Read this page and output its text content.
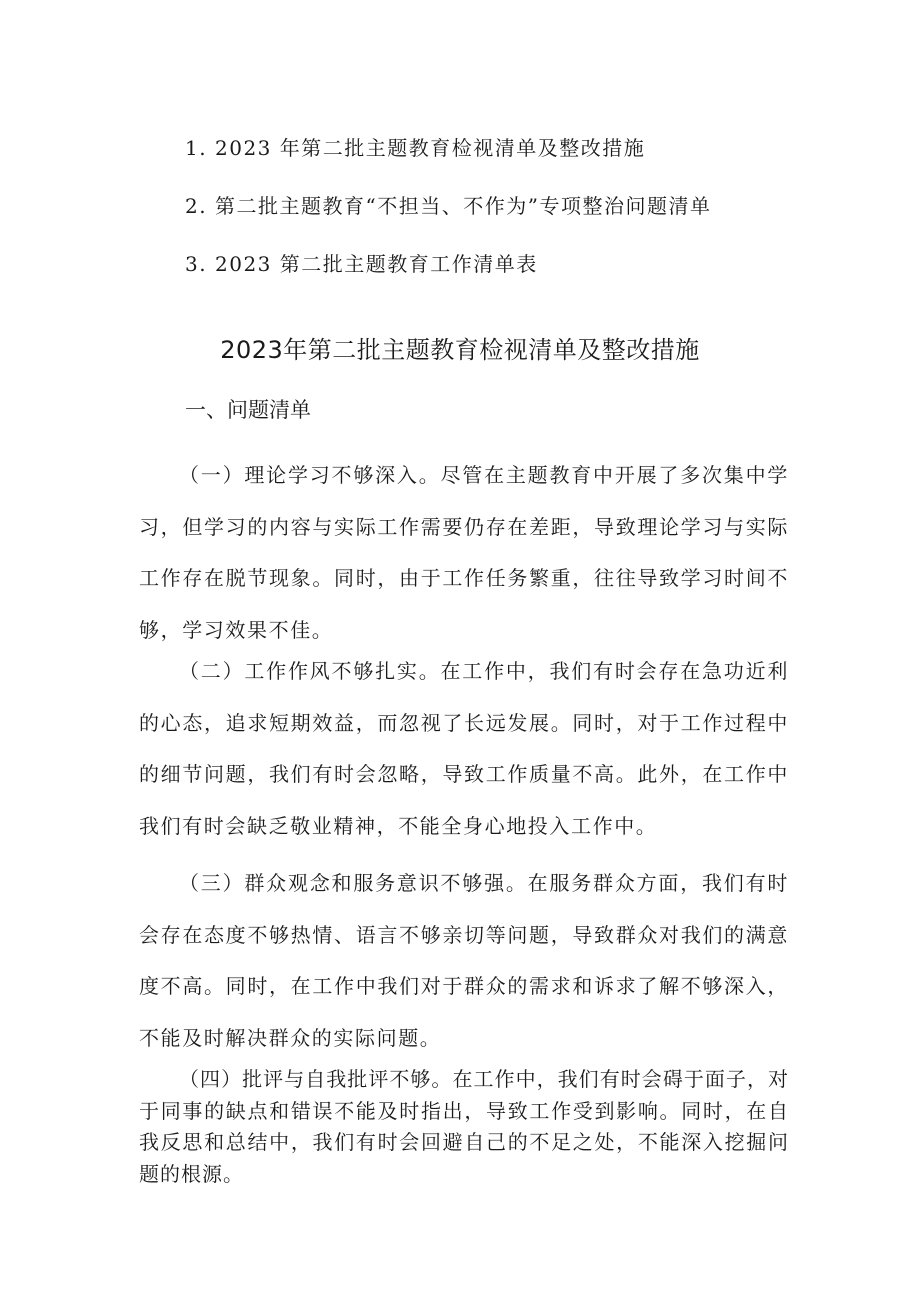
1. 2023 年第二批主题教育检视清单及整改措施
2. 第二批主题教育“不担当、不作为”专项整治问题清单
3. 2023 第二批主题教育工作清单表
2023年第二批主题教育检视清单及整改措施
一、问题清单

（一）理论学习不够深入。尽管在主题教育中开展了多次集中学习，但学习的内容与实际工作需要仍存在差距，导致理论学习与实际工作存在脱节现象。同时，由于工作任务繁重，往往导致学习时间不够，学习效果不佳。

（二）工作作风不够扎实。在工作中，我们有时会存在急功近利的心态，追求短期效益，而忽视了长远发展。同时，对于工作过程中的细节问题，我们有时会忽略，导致工作质量不高。此外，在工作中我们有时会缺乏敬业精神，不能全身心地投入工作中。

（三）群众观念和服务意识不够强。在服务群众方面，我们有时会存在态度不够热情、语言不够亲切等问题，导致群众对我们的满意度不高。同时，在工作中我们对于群众的需求和诉求了解不够深入，不能及时解决群众的实际问题。

（四）批评与自我批评不够。在工作中，我们有时会碍于面子，对于同事的缺点和错误不能及时指出，导致工作受到影响。同时，在自我反思和总结中，我们有时会回避自己的不足之处，不能深入挖掘问题的根源。
